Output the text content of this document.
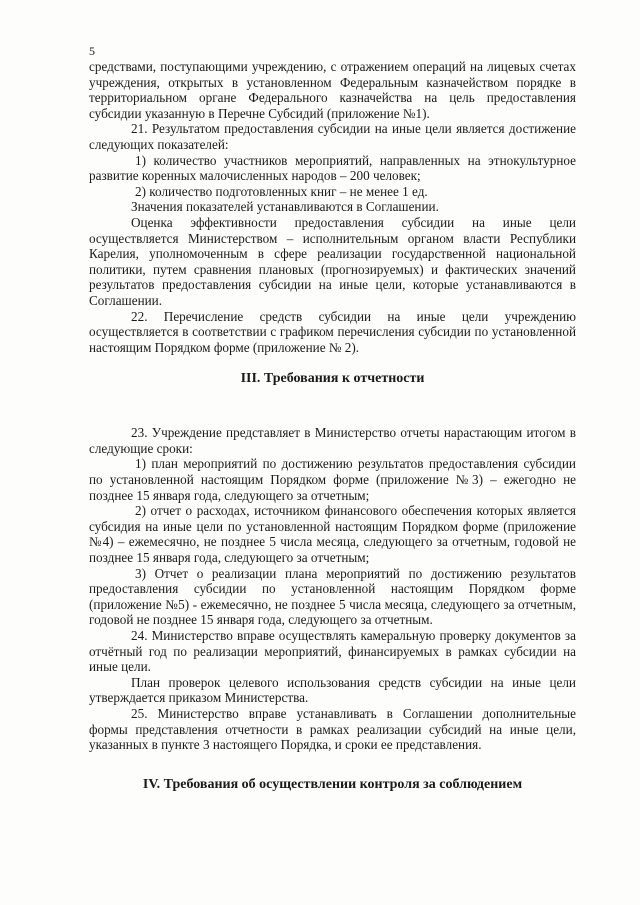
5

средствами, поступающими учреждению, с отражением операций на лицевых счетах учреждения, открытых в установленном Федеральным казначейством порядке в территориальном органе Федерального казначейства на цель предоставления субсидии указанную в Перечне Субсидий (приложение №1).

21. Результатом предоставления субсидии на иные цели является достижение следующих показателей:

1) количество участников мероприятий, направленных на этнокультурное развитие коренных малочисленных народов – 200 человек;

2) количество подготовленных книг – не менее 1 ед.

Значения показателей устанавливаются в Соглашении.

Оценка эффективности предоставления субсидии на иные цели осуществляется Министерством – исполнительным органом власти Республики Карелия, уполномоченным в сфере реализации государственной национальной политики, путем сравнения плановых (прогнозируемых) и фактических значений результатов предоставления субсидии на иные цели, которые устанавливаются в Соглашении.

22. Перечисление средств субсидии на иные цели учреждению осуществляется в соответствии с графиком перечисления субсидии по установленной настоящим Порядком форме (приложение № 2).

III. Требования к отчетности

23. Учреждение представляет в Министерство отчеты нарастающим итогом в следующие сроки:

1) план мероприятий по достижению результатов предоставления субсидии по установленной настоящим Порядком форме (приложение №3) – ежегодно не позднее 15 января года, следующего за отчетным;

2) отчет о расходах, источником финансового обеспечения которых является субсидия на иные цели по установленной настоящим Порядком форме (приложение №4) – ежемесячно, не позднее 5 числа месяца, следующего за отчетным, годовой не позднее 15 января года, следующего за отчетным;

3) Отчет о реализации плана мероприятий по достижению результатов предоставления субсидии по установленной настоящим Порядком форме (приложение №5) - ежемесячно, не позднее 5 числа месяца, следующего за отчетным, годовой не позднее 15 января года, следующего за отчетным.

24. Министерство вправе осуществлять камеральную проверку документов за отчётный год по реализации мероприятий, финансируемых в рамках субсидии на иные цели.

План проверок целевого использования средств субсидии на иные цели утверждается приказом Министерства.

25. Министерство вправе устанавливать в Соглашении дополнительные формы представления отчетности в рамках реализации субсидий на иные цели, указанных в пункте 3 настоящего Порядка, и сроки ее представления.

IV. Требования об осуществлении контроля за соблюдением
